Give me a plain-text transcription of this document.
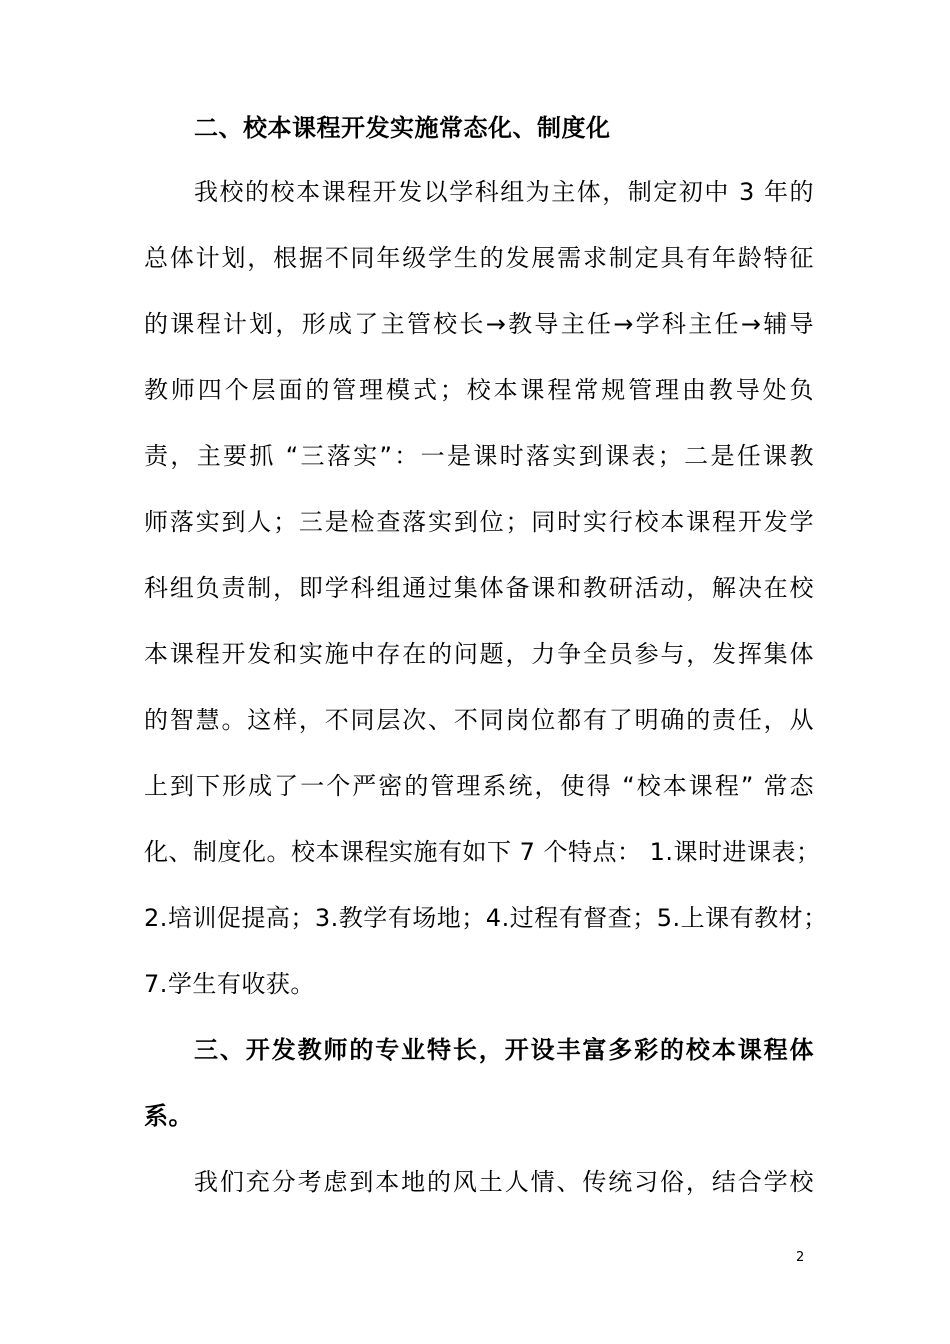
二、校本课程开发实施常态化、制度化
我校的校本课程开发以学科组为主体，制定初中 3 年的
总体计划，根据不同年级学生的发展需求制定具有年龄特征
的课程计划，形成了主管校长→教导主任→学科主任→辅导
教师四个层面的管理模式；校本课程常规管理由教导处负
责，主要抓 “三落实”：一是课时落实到课表；二是任课教
师落实到人；三是检查落实到位；同时实行校本课程开发学
科组负责制，即学科组通过集体备课和教研活动，解决在校
本课程开发和实施中存在的问题，力争全员参与，发挥集体
的智慧。这样，不同层次、不同岗位都有了明确的责任，从
上到下形成了一个严密的管理系统，使得 “校本课程” 常态
化、制度化。校本课程实施有如下 7 个特点： 1.课时进课表；
2.培训促提高；3.教学有场地；4.过程有督查；5.上课有教材；
7.学生有收获。
三、开发教师的专业特长，开设丰富多彩的校本课程体
系。
我们充分考虑到本地的风土人情、传统习俗，结合学校
2
